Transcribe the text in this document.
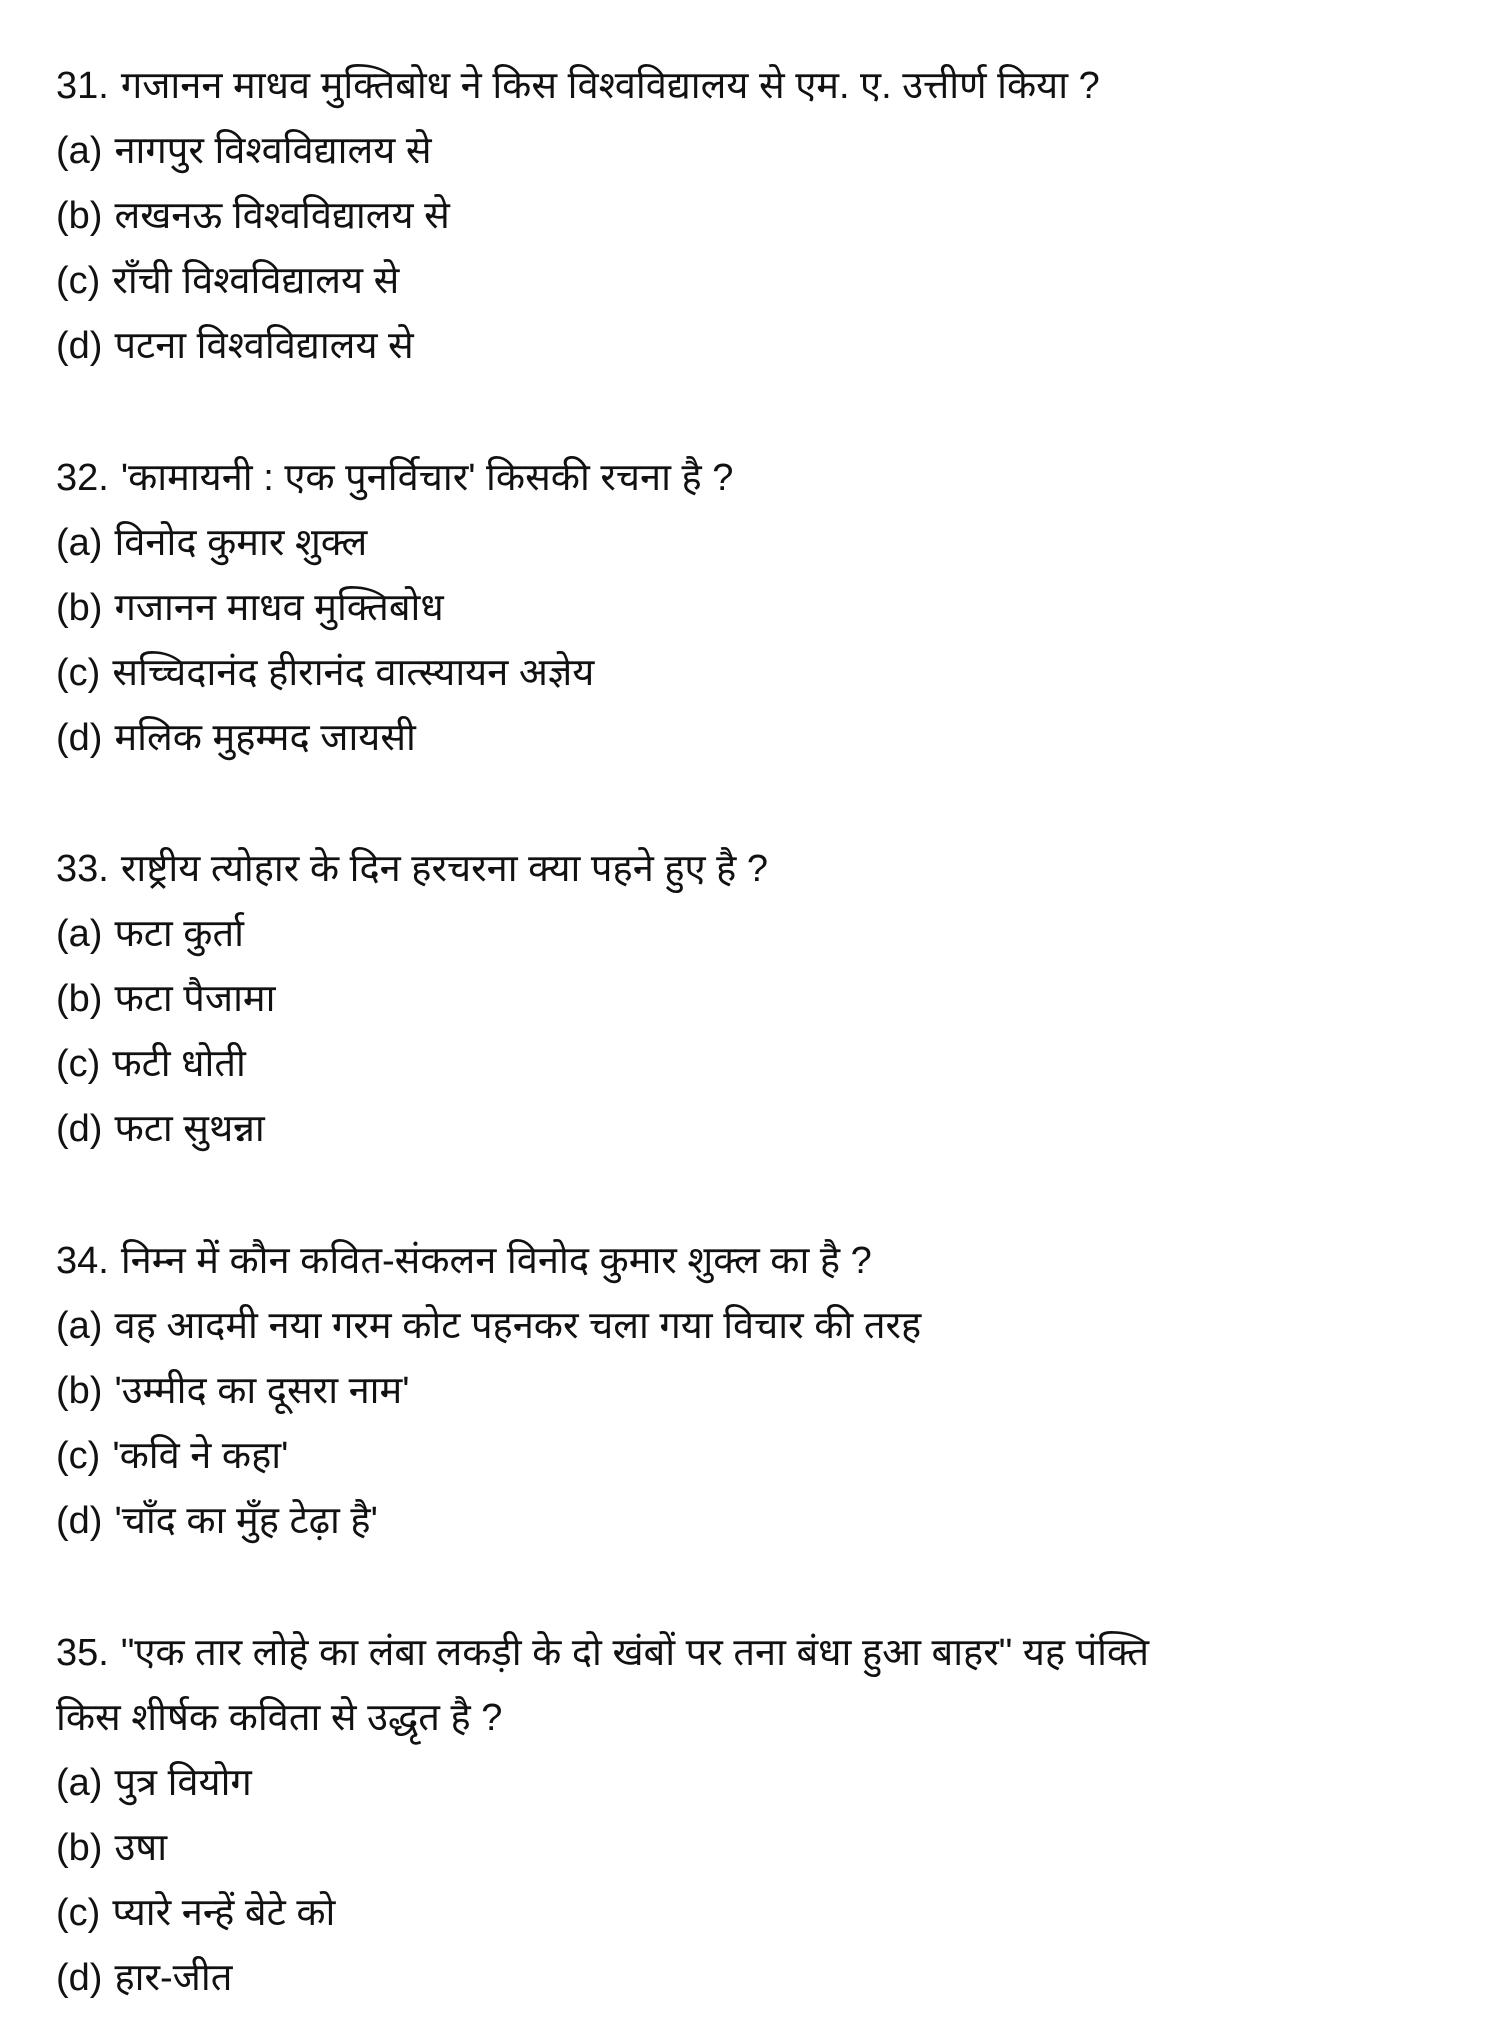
31. गजानन माधव मुक्तिबोध ने किस विश्वविद्यालय से एम. ए. उत्तीर्ण किया ?
(a) नागपुर विश्वविद्यालय से
(b) लखनऊ विश्वविद्यालय से
(c) राँची विश्वविद्यालय से
(d) पटना विश्वविद्यालय से
32. 'कामायनी : एक पुनर्विचार' किसकी रचना है ?
(a) विनोद कुमार शुक्ल
(b) गजानन माधव मुक्तिबोध
(c) सच्चिदानंद हीरानंद वात्स्यायन अज्ञेय
(d) मलिक मुहम्मद जायसी
33. राष्ट्रीय त्योहार के दिन हरचरना क्या पहने हुए है ?
(a) फटा कुर्ता
(b) फटा पैजामा
(c) फटी धोती
(d) फटा सुथन्ना
34. निम्न में कौन कवित-संकलन विनोद कुमार शुक्ल का है ?
(a) वह आदमी नया गरम कोट पहनकर चला गया विचार की तरह
(b) 'उम्मीद का दूसरा नाम'
(c) 'कवि ने कहा'
(d) 'चाँद का मुँह टेढ़ा है'
35. "एक तार लोहे का लंबा लकड़ी के दो खंबों पर तना बंधा हुआ बाहर" यह पंक्ति
किस शीर्षक कविता से उद्धृत है ?
(a) पुत्र वियोग
(b) उषा
(c) प्यारे नन्हें बेटे को
(d) हार-जीत
